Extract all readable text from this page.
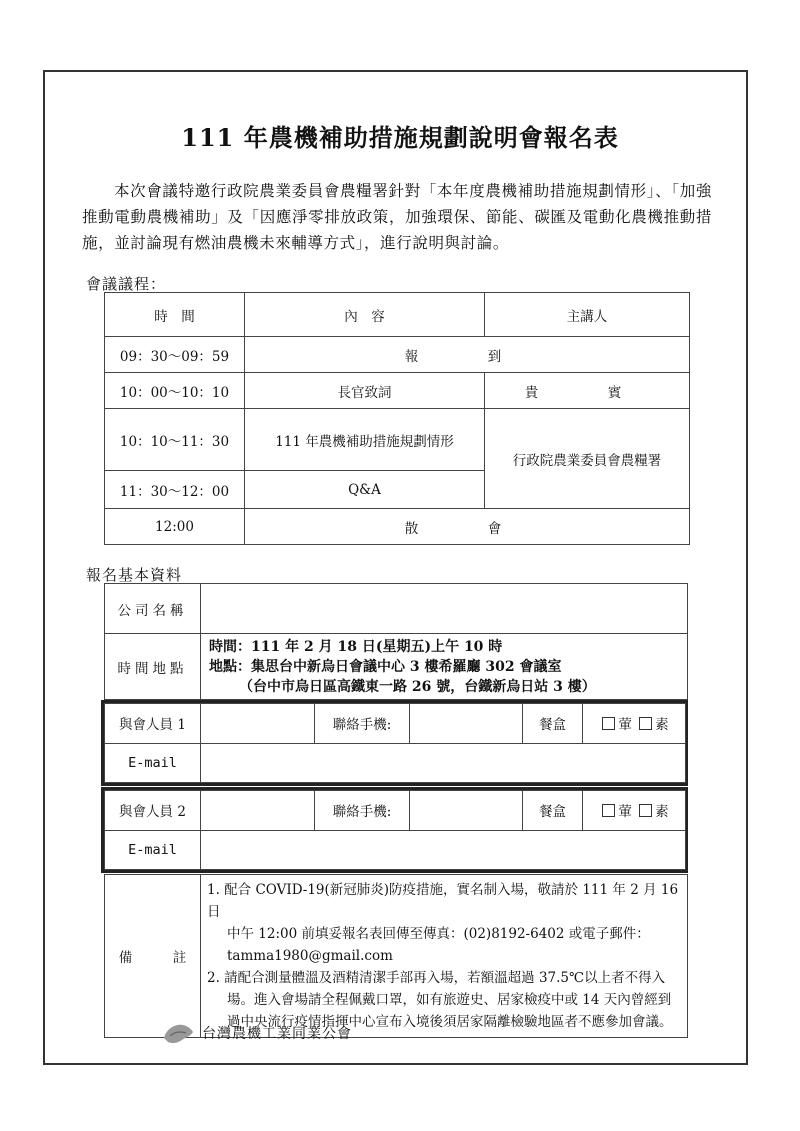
111 年農機補助措施規劃說明會報名表
本次會議特邀行政院農業委員會農糧署針對「本年度農機補助措施規劃情形」、「加強推動電動農機補助」及「因應淨零排放政策，加強環保、節能、碳匯及電動化農機推動措施，並討論現有燃油農機未來輔導方式」，進行說明與討論。
會議議程：
時　間	內　容	主講人
09：30～09：59	報　到	
10：00～10：10	長官致詞	貴　賓
10：10～11：30	111 年農機補助措施規劃情形	行政院農業委員會農糧署
11：30～12：00	Q&A	
12:00	散　會	
報名基本資料
公司名稱	
時間地點	時間：111 年 2 月 18 日(星期五)上午 10 時
地點：集思台中新烏日會議中心 3 樓希羅廳 302 會議室
（台中市烏日區高鐵東一路 26 號，台鐵新烏日站 3 樓）
與會人員 1		聯絡手機:		餐盒	葷 素
E-mail					
與會人員 2		聯絡手機:		餐盒	葷 素
E-mail					
備　　　註	
1. 配合 COVID-19(新冠肺炎)防疫措施，實名制入場，敬請於 111 年 2 月 16 日
中午 12:00 前填妥報名表回傳至傳真：(02)8192-6402 或電子郵件：
tamma1980@gmail.com
2. 請配合測量體溫及酒精清潔手部再入場，若額溫超過 37.5℃以上者不得入
場。進入會場請全程佩戴口罩，如有旅遊史、居家檢疫中或 14 天內曾經到
過中央流行疫情指揮中心宣布入境後須居家隔離檢驗地區者不應參加會議。
台灣農機工業同業公會
